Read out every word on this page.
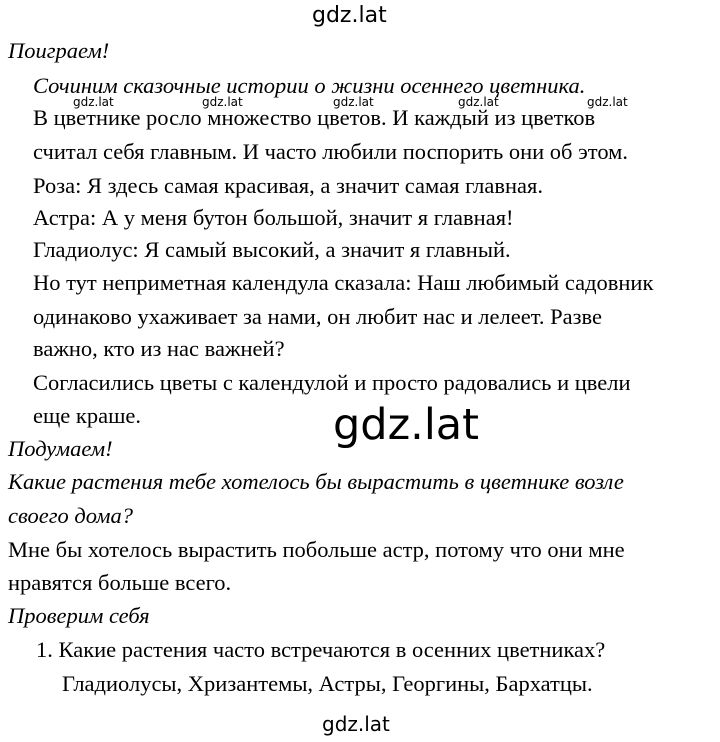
gdz.lat
Поиграем!
Сочиним сказочные истории о жизни осеннего цветника.
gdz.lat	gdz.lat	gdz.lat	gdz.lat	gdz.lat
В цветнике росло множество цветов. И каждый из цветков
считал себя главным. И часто любили поспорить они об этом.
Роза: Я здесь самая красивая, а значит самая главная.
Астра: А у меня бутон большой, значит я главная!
Гладиолус: Я самый высокий, а значит я главный.
Но тут неприметная календула сказала: Наш любимый садовник
одинаково ухаживает за нами, он любит нас и лелеет. Разве
важно, кто из нас важней?
Согласились цветы с календулой и просто радовались и цвели
еще краше.	gdz.lat
Подумаем!
Какие растения тебе хотелось бы вырастить в цветнике возле
своего дома?
Мне бы хотелось вырастить побольше астр, потому что они мне
нравятся больше всего.
Проверим себя
1. Какие растения часто встречаются в осенних цветниках?
Гладиолусы, Хризантемы, Астры, Георгины, Бархатцы.
gdz.lat
